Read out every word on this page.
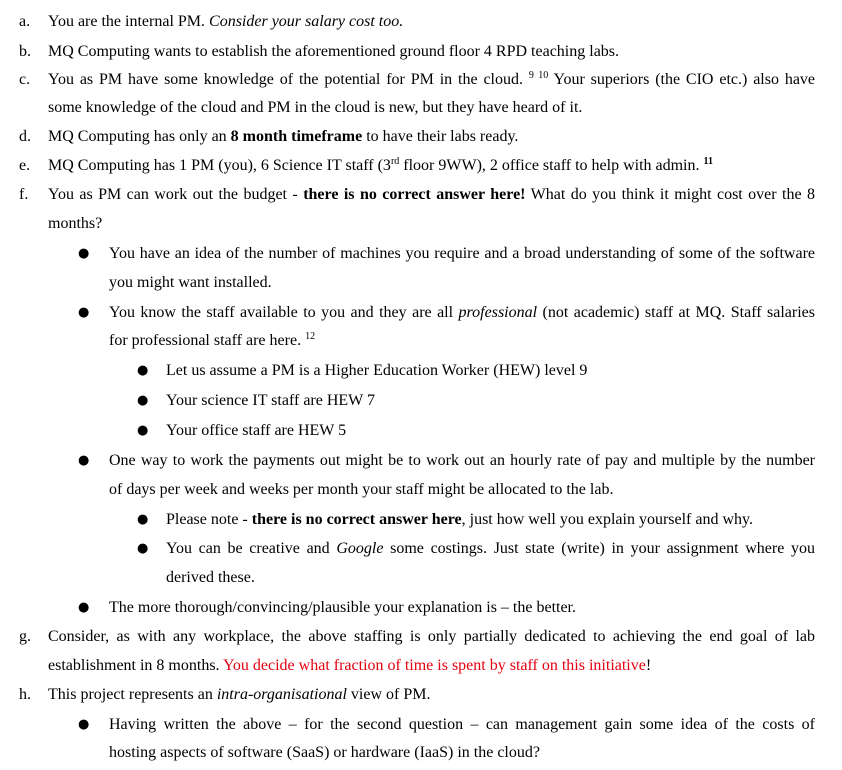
a. You are the internal PM. Consider your salary cost too.
b. MQ Computing wants to establish the aforementioned ground floor 4 RPD teaching labs.
c. You as PM have some knowledge of the potential for PM in the cloud. $^{9 10}$ Your superiors (the CIO etc.) also have
some knowledge of the cloud and PM in the cloud is new, but they have heard of it.
d. MQ Computing has only an 8 month timeframe to have their labs ready.
e. MQ Computing has 1 PM (you), 6 Science IT staff (3rd floor 9WW), 2 office staff to help with admin. $^{11}$
f. You as PM can work out the budget - there is no correct answer here! What do you think it might cost over the 8
months?
● You have an idea of the number of machines you require and a broad understanding of some of the software
you might want installed.
● You know the staff available to you and they are all professional (not academic) staff at MQ. Staff salaries
for professional staff are here. $^{12}$
● Let us assume a PM is a Higher Education Worker (HEW) level 9
● Your science IT staff are HEW 7
● Your office staff are HEW 5
● One way to work the payments out might be to work out an hourly rate of pay and multiple by the number
of days per week and weeks per month your staff might be allocated to the lab.
● Please note - there is no correct answer here, just how well you explain yourself and why.
● You can be creative and Google some costings. Just state (write) in your assignment where you
derived these.
● The more thorough/convincing/plausible your explanation is – the better.
g. Consider, as with any workplace, the above staffing is only partially dedicated to achieving the end goal of lab
establishment in 8 months. You decide what fraction of time is spent by staff on this initiative!
h. This project represents an intra-organisational view of PM.
● Having written the above – for the second question – can management gain some idea of the costs of
hosting aspects of software (SaaS) or hardware (IaaS) in the cloud?
